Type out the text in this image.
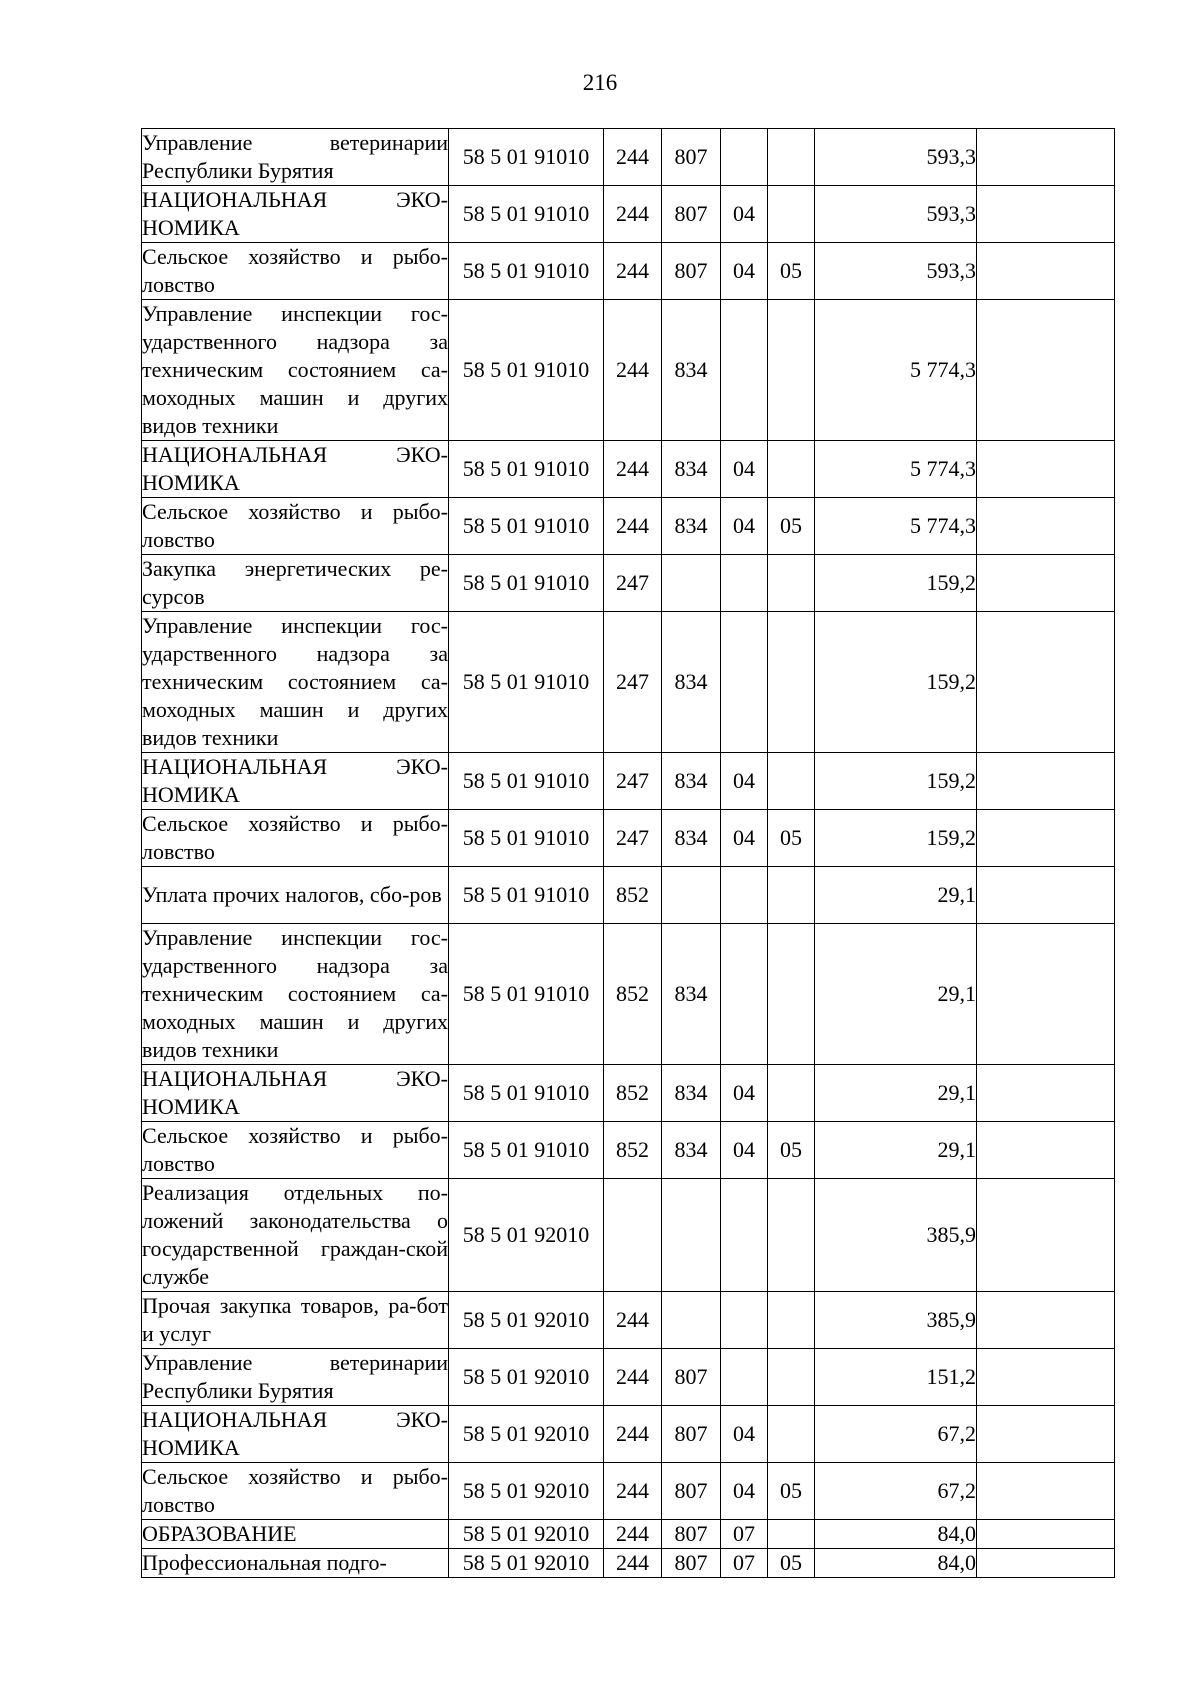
216
Управление ветеринарии Республики Бурятия	58 5 01 91010	244	807			593,3	

НАЦИОНАЛЬНАЯ ЭКО-НОМИКА	58 5 01 91010	244	807	04		593,3	

Сельское хозяйство и рыбо-ловство	58 5 01 91010	244	807	04	05	593,3	

Управление инспекции гос-ударственного надзора за техническим состоянием са-моходных машин и других видов техники	58 5 01 91010	244	834			5 774,3	

НАЦИОНАЛЬНАЯ ЭКО-НОМИКА	58 5 01 91010	244	834	04		5 774,3	

Сельское хозяйство и рыбо-ловство	58 5 01 91010	244	834	04	05	5 774,3	

Закупка энергетических ре-сурсов	58 5 01 91010	247				159,2	

Управление инспекции гос-ударственного надзора за техническим состоянием са-моходных машин и других видов техники	58 5 01 91010	247	834			159,2	

НАЦИОНАЛЬНАЯ ЭКО-НОМИКА	58 5 01 91010	247	834	04		159,2	

Сельское хозяйство и рыбо-ловство	58 5 01 91010	247	834	04	05	159,2	

Уплата прочих налогов, сбо-ров	58 5 01 91010	852				29,1	

Управление инспекции гос-ударственного надзора за техническим состоянием са-моходных машин и других видов техники	58 5 01 91010	852	834			29,1	

НАЦИОНАЛЬНАЯ ЭКО-НОМИКА	58 5 01 91010	852	834	04		29,1	

Сельское хозяйство и рыбо-ловство	58 5 01 91010	852	834	04	05	29,1	

Реализация отдельных по-ложений законодательства о государственной граждан-ской службе	58 5 01 92010					385,9	

Прочая закупка товаров, ра-бот и услуг	58 5 01 92010	244				385,9	

Управление ветеринарии Республики Бурятия	58 5 01 92010	244	807			151,2	

НАЦИОНАЛЬНАЯ ЭКО-НОМИКА	58 5 01 92010	244	807	04		67,2	

Сельское хозяйство и рыбо-ловство	58 5 01 92010	244	807	04	05	67,2	

ОБРАЗОВАНИЕ	58 5 01 92010	244	807	07		84,0	

Профессиональная подго-	58 5 01 92010	244	807	07	05	84,0	
